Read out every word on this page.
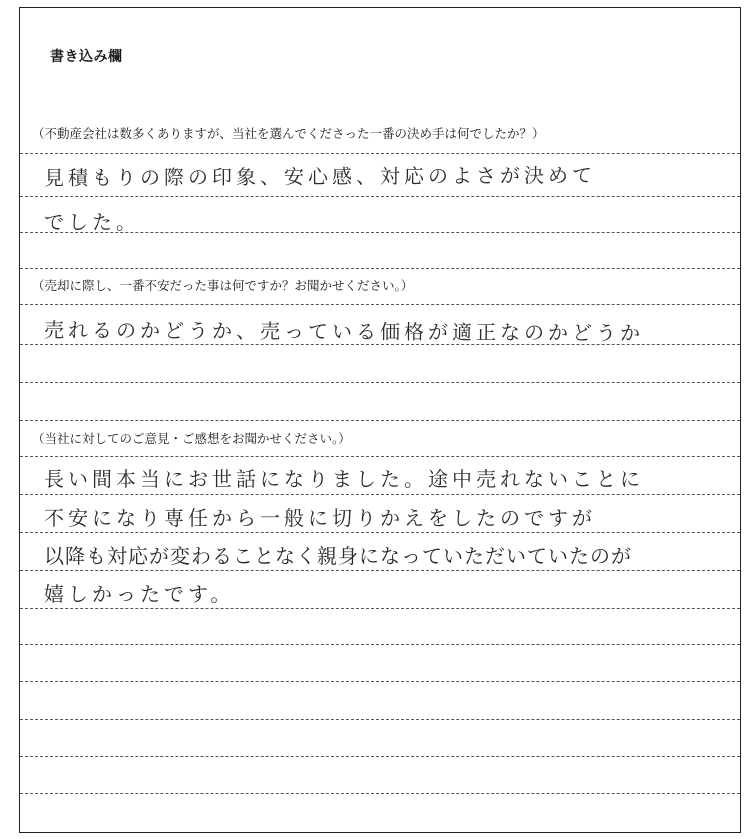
書き込み欄
（不動産会社は数多くありますが、当社を選んでくださった一番の決め手は何でしたか？）
見積もりの際の印象、安心感、対応のよさが決めて
でした。
（売却に際し、一番不安だった事は何ですか？お聞かせください。）
売れるのかどうか、売っている価格が適正なのかどうか
（当社に対してのご意見・ご感想をお聞かせください。）
長い間本当にお世話になりました。途中売れないことに
不安になり専任から一般に切りかえをしたのですが
以降も対応が変わることなく親身になっていただいていたのが
嬉しかったです。
